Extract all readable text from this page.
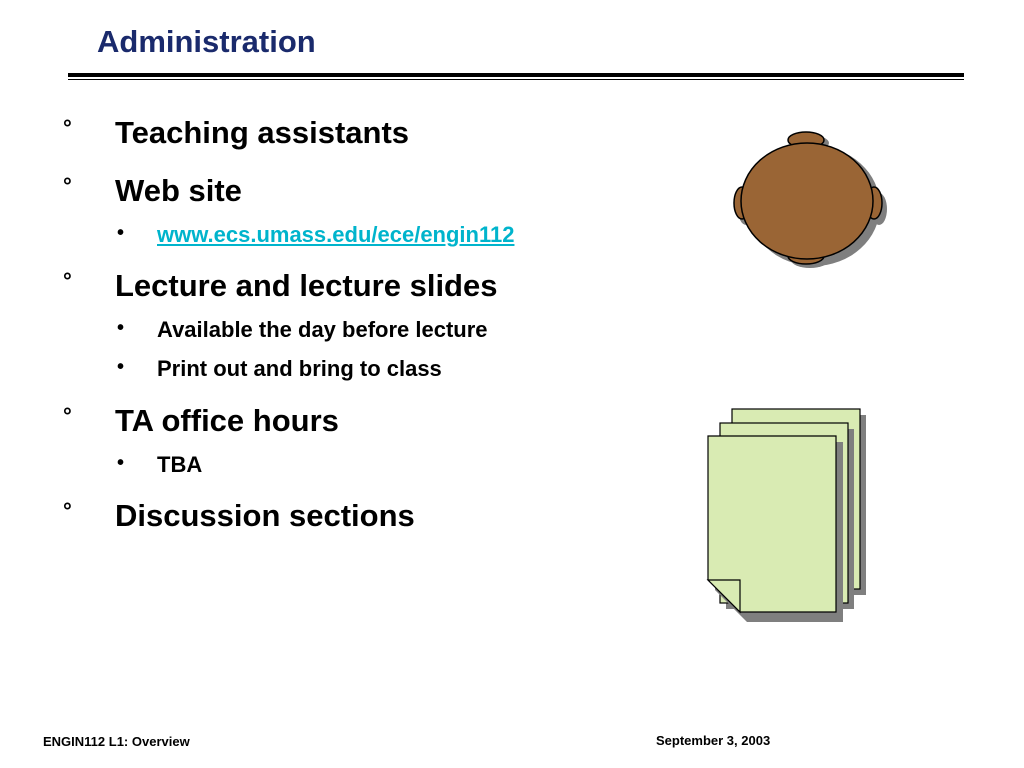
Administration
° Teaching assistants
° Web site
• www.ecs.umass.edu/ece/engin112
° Lecture and lecture slides
• Available the day before lecture
• Print out and bring to class
° TA office hours
• TBA
° Discussion sections
ENGIN112 L1: Overview	September 3, 2003
